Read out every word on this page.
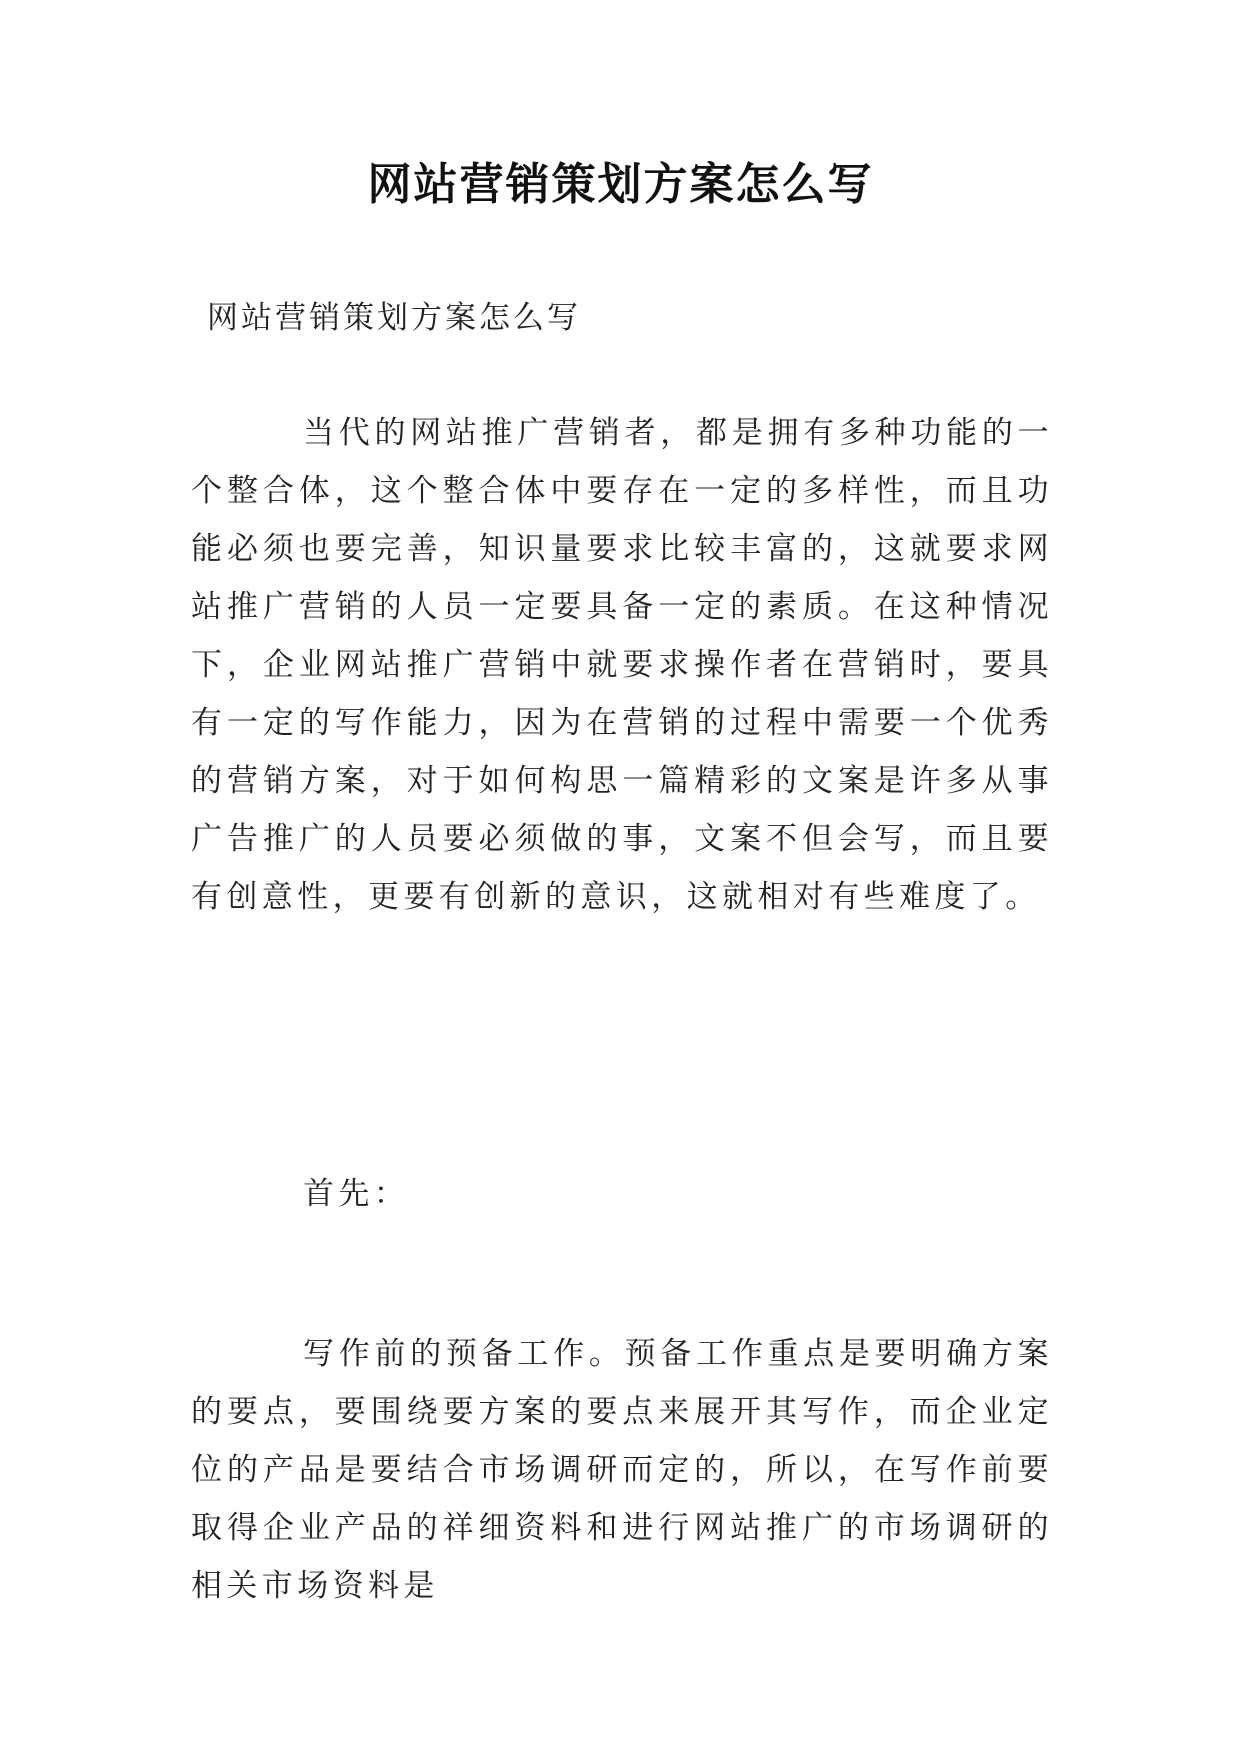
网站营销策划方案怎么写

网站营销策划方案怎么写

当代的网站推广营销者，都是拥有多种功能的一个整合体，这个整合体中要存在一定的多样性，而且功能必须也要完善，知识量要求比较丰富的，这就要求网站推广营销的人员一定要具备一定的素质。在这种情况下，企业网站推广营销中就要求操作者在营销时，要具有一定的写作能力，因为在营销的过程中需要一个优秀的营销方案，对于如何构思一篇精彩的文案是许多从事广告推广的人员要必须做的事，文案不但会写，而且要有创意性，更要有创新的意识，这就相对有些难度了。

首先：

写作前的预备工作。预备工作重点是要明确方案的要点，要围绕要方案的要点来展开其写作，而企业定位的产品是要结合市场调研而定的，所以，在写作前要取得企业产品的祥细资料和进行网站推广的市场调研的相关市场资料是
